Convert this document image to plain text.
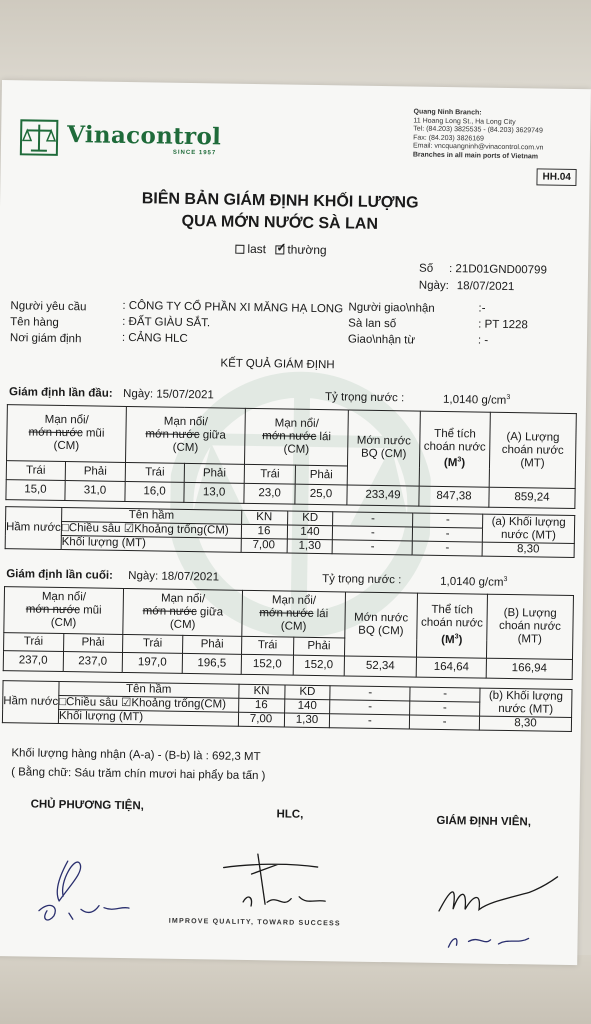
Vinacontrol
SINCE 1957
Quang Ninh Branch:
11 Hoang Long St., Ha Long City
Tel: (84.203) 3825535 - (84.203) 3629749
Fax: (84.203) 3826169
Email: vncquangninh@vinacontrol.com.vn
Branches in all main ports of Vietnam
HH.04
BIÊN BẢN GIÁM ĐỊNH KHỐI LƯỢNG
QUA MỚN NƯỚC SÀ LAN
last ✓ thường
Số : 21D01GND00799
Ngày: 18/07/2021
Người yêu cầu	: CÔNG TY CỔ PHẦN XI MĂNG HẠ LONG
Tên hàng	: ĐẤT GIÀU SẮT.
Nơi giám định	: CẢNG HLC
Người giao\nhận	:-
Sà lan số	: PT 1228
Giao\nhận từ	: -
KẾT QUẢ GIÁM ĐỊNH
Giám định lần đầu: Ngày: 15/07/2021	Tỷ trọng nước :	1,0140 $g/cm^3$
Mạn nổi/
mớn nước mũi
(CM)		Mạn nổi/
mớn nước giữa
(CM)		Mạn nổi/
mớn nước lái
(CM)		Mớn nước BQ (CM)	Thể tích choán nước
$(M^3)$	(A) Lượng choán nước (MT)
Trái	Phải	Trái	Phải	Trái	Phải			
15,0	31,0	16,0	13,0	23,0	25,0	233,49	847,38	859,24
Hầm nước	Tên hầm	KN	KD	-	-	(a) Khối lượng nước (MT)
	□Chiều sâu ☑Khoảng trống(CM)	16	140	-	-	
	Khối lượng (MT)	7,00	1,30	-	-	8,30
Giám định lần cuối: Ngày: 18/07/2021	Tỷ trọng nước :	1,0140 $g/cm^3$
Mạn nổi/
mớn nước mũi
(CM)		Mạn nổi/
mớn nước giữa
(CM)		Mạn nổi/
mớn nước lái
(CM)		Mớn nước BQ (CM)	Thể tích choán nước
$(M^3)$	(B) Lượng choán nước (MT)
Trái	Phải	Trái	Phải	Trái	Phải			
237,0	237,0	197,0	196,5	152,0	152,0	52,34	164,64	166,94
Hầm nước	Tên hầm	KN	KD	-	-	(b) Khối lượng nước (MT)
	□Chiều sâu ☑Khoảng trống(CM)	16	140	-	-	
	Khối lượng (MT)	7,00	1,30	-	-	8,30
Khối lượng hàng nhận (A-a) - (B-b) là : 692,3 MT
( Bằng chữ: Sáu trăm chín mươi hai phẩy ba tấn )
CHỦ PHƯƠNG TIỆN,
HLC,
GIÁM ĐỊNH VIÊN,
IMPROVE QUALITY, TOWARD SUCCESS
